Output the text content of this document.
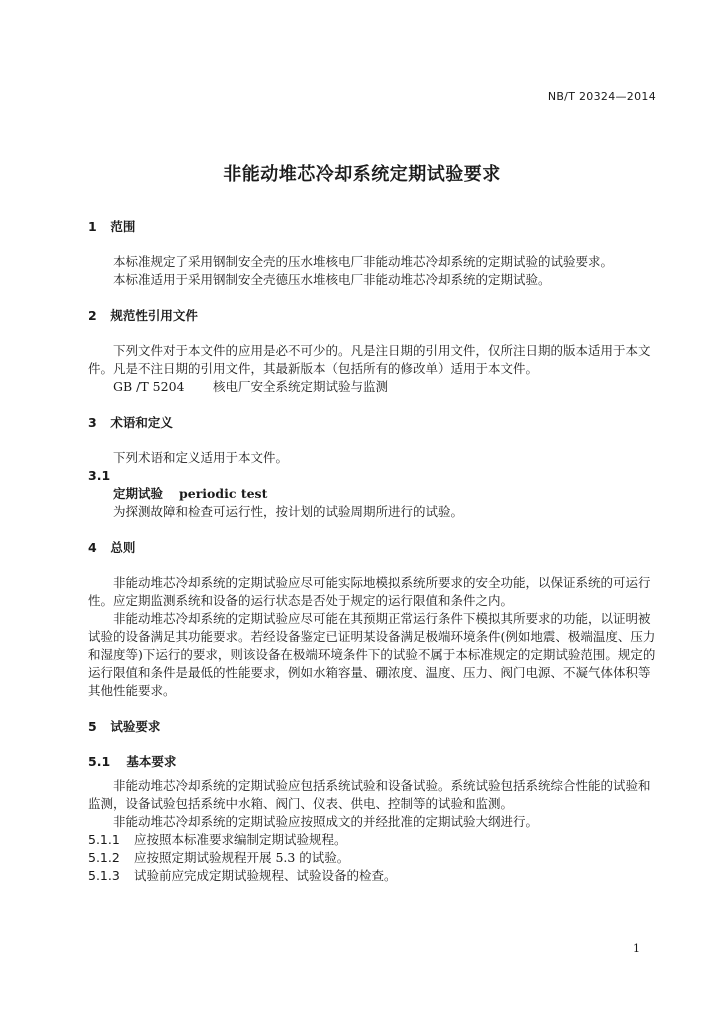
NB/T 20324—2014
非能动堆芯冷却系统定期试验要求
1 范围

本标准规定了采用钢制安全壳的压水堆核电厂非能动堆芯冷却系统的定期试验的试验要求。

本标准适用于采用钢制安全壳德压水堆核电厂非能动堆芯冷却系统的定期试验。

2 规范性引用文件

下列文件对于本文件的应用是必不可少的。凡是注日期的引用文件，仅所注日期的版本适用于本文件。凡是不注日期的引用文件，其最新版本（包括所有的修改单）适用于本文件。

GB /T 5204 核电厂安全系统定期试验与监测
3 术语和定义

下列术语和定义适用于本文件。

3.1
定期试验 periodic test

为探测故障和检查可运行性，按计划的试验周期所进行的试验。

4 总则

非能动堆芯冷却系统的定期试验应尽可能实际地模拟系统所要求的安全功能，以保证系统的可运行性。应定期监测系统和设备的运行状态是否处于规定的运行限值和条件之内。

非能动堆芯冷却系统的定期试验应尽可能在其预期正常运行条件下模拟其所要求的功能，以证明被试验的设备满足其功能要求。若经设备鉴定已证明某设备满足极端环境条件(例如地震、极端温度、压力和湿度等)下运行的要求，则该设备在极端环境条件下的试验不属于本标准规定的定期试验范围。规定的运行限值和条件是最低的性能要求，例如水箱容量、硼浓度、温度、压力、阀门电源、不凝气体体积等其他性能要求。

5 试验要求
5.1 基本要求

非能动堆芯冷却系统的定期试验应包括系统试验和设备试验。系统试验包括系统综合性能的试验和监测，设备试验包括系统中水箱、阀门、仪表、供电、控制等的试验和监测。

非能动堆芯冷却系统的定期试验应按照成文的并经批准的定期试验大纲进行。

5.1.1 应按照本标准要求编制定期试验规程。
5.1.2 应按照定期试验规程开展 5.3 的试验。
5.1.3 试验前应完成定期试验规程、试验设备的检查。
1
